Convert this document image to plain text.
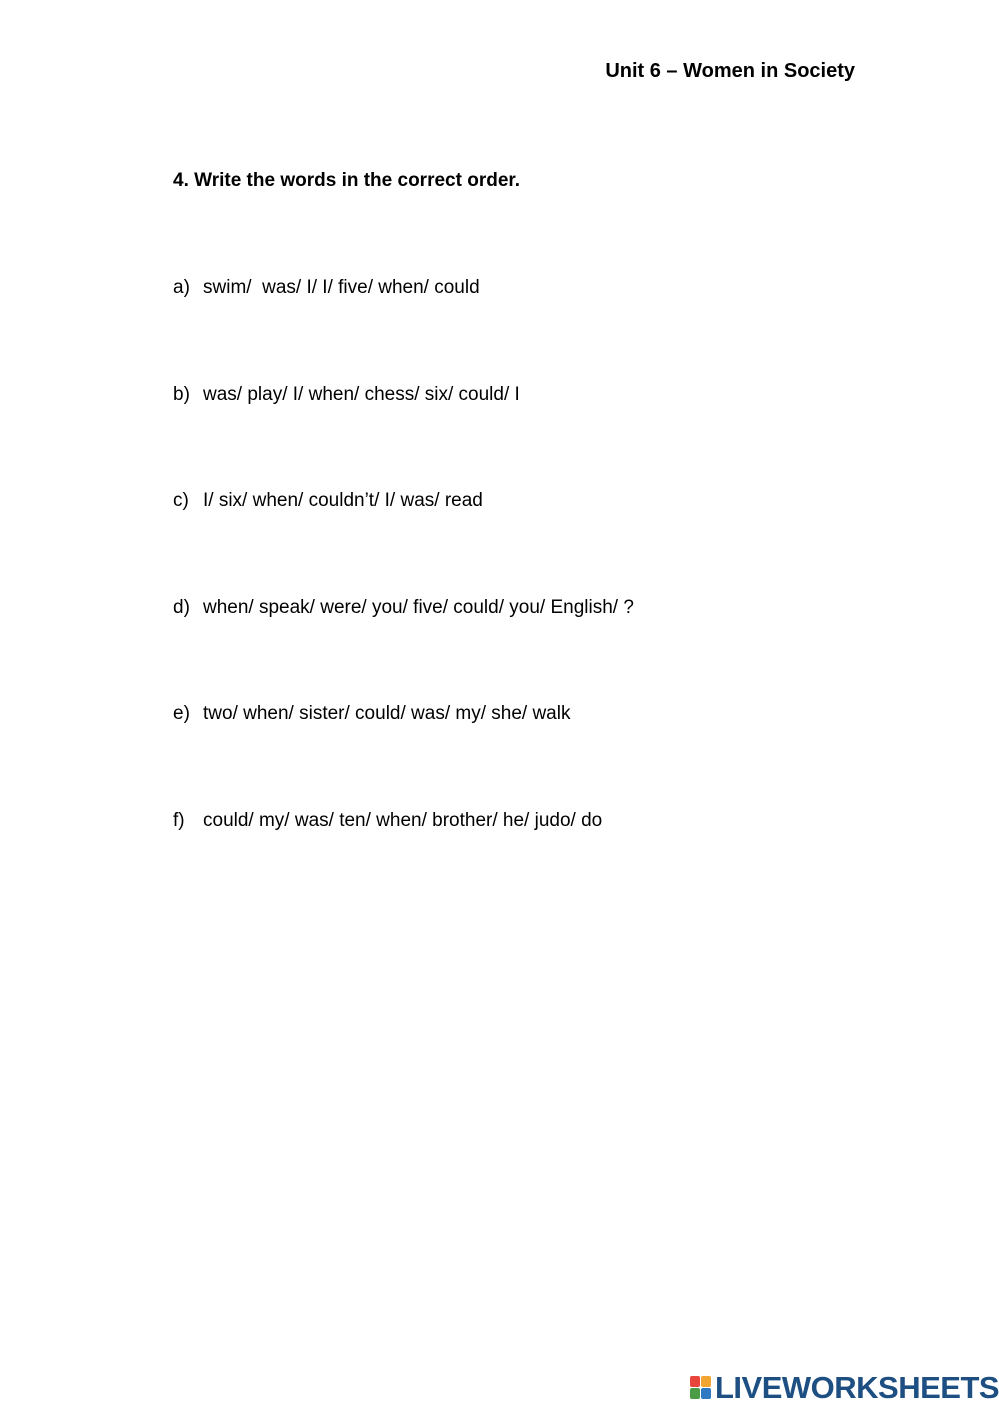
Unit 6 – Women in Society
4. Write the words in the correct order.
a) swim/  was/ I/ I/ five/ when/ could
b) was/ play/ I/ when/ chess/ six/ could/ I
c) I/ six/ when/ couldn’t/ I/ was/ read
d) when/ speak/ were/ you/ five/ could/ you/ English/ ?
e) two/ when/ sister/ could/ was/ my/ she/ walk
f) could/ my/ was/ ten/ when/ brother/ he/ judo/ do
LIVEWORKSHEETS
